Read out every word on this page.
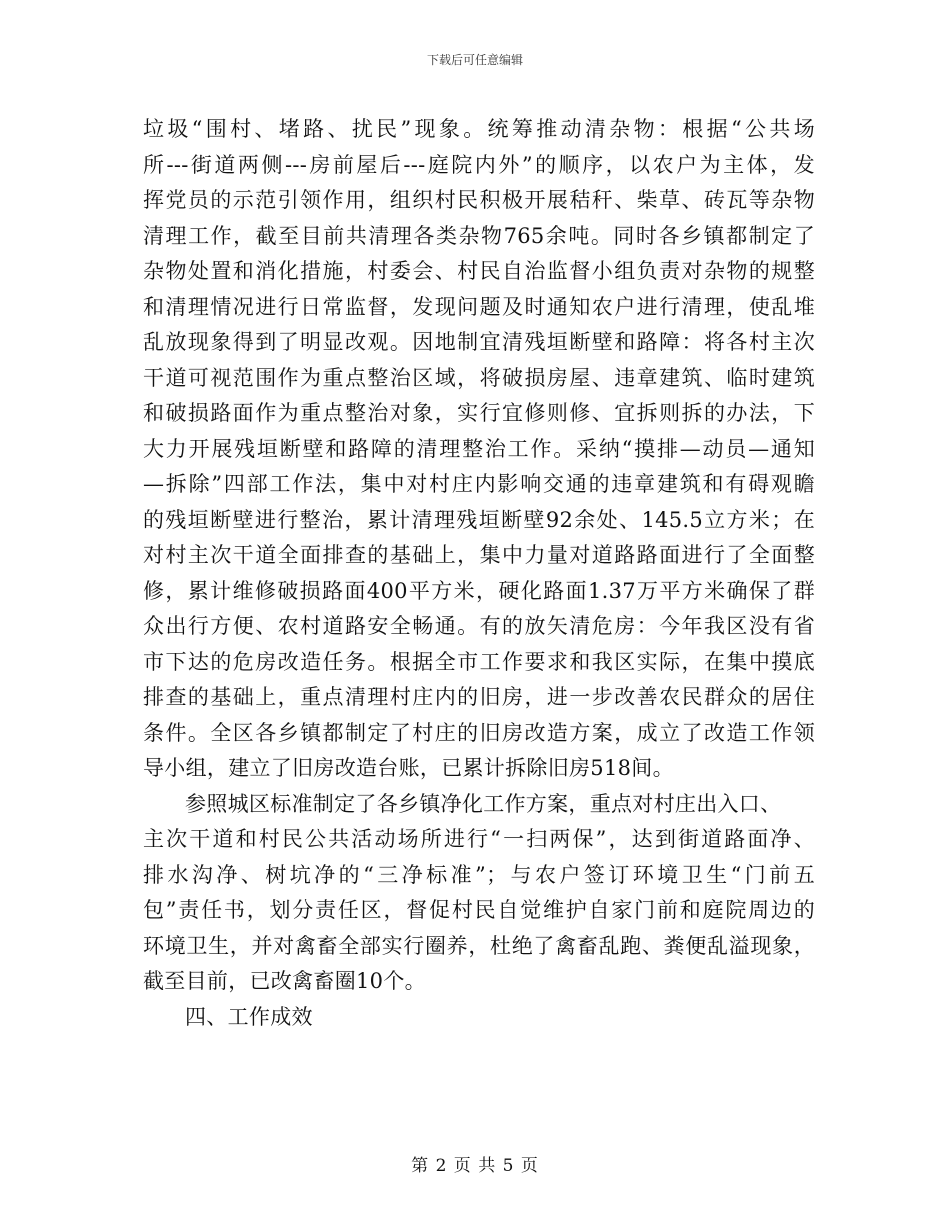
下载后可任意编辑
垃圾“围村、堵路、扰民”现象。统筹推动清杂物：根据“公共场
所---街道两侧---房前屋后---庭院内外”的顺序，以农户为主体，发
挥党员的示范引领作用，组织村民积极开展秸秆、柴草、砖瓦等杂物
清理工作，截至目前共清理各类杂物765余吨。同时各乡镇都制定了
杂物处置和消化措施，村委会、村民自治监督小组负责对杂物的规整
和清理情况进行日常监督，发现问题及时通知农户进行清理，使乱堆
乱放现象得到了明显改观。因地制宜清残垣断壁和路障：将各村主次
干道可视范围作为重点整治区域，将破损房屋、违章建筑、临时建筑
和破损路面作为重点整治对象，实行宜修则修、宜拆则拆的办法，下
大力开展残垣断壁和路障的清理整治工作。采纳“摸排—动员—通知
—拆除”四部工作法，集中对村庄内影响交通的违章建筑和有碍观瞻
的残垣断壁进行整治，累计清理残垣断壁92余处、145.5立方米；在
对村主次干道全面排查的基础上，集中力量对道路路面进行了全面整
修，累计维修破损路面400平方米，硬化路面1.37万平方米确保了群
众出行方便、农村道路安全畅通。有的放矢清危房：今年我区没有省
市下达的危房改造任务。根据全市工作要求和我区实际，在集中摸底
排查的基础上，重点清理村庄内的旧房，进一步改善农民群众的居住
条件。全区各乡镇都制定了村庄的旧房改造方案，成立了改造工作领
导小组，建立了旧房改造台账，已累计拆除旧房518间。
参照城区标准制定了各乡镇净化工作方案，重点对村庄出入口、
主次干道和村民公共活动场所进行“一扫两保”，达到街道路面净、
排水沟净、树坑净的“三净标准”；与农户签订环境卫生“门前五
包”责任书，划分责任区，督促村民自觉维护自家门前和庭院周边的
环境卫生，并对禽畜全部实行圈养，杜绝了禽畜乱跑、粪便乱溢现象，
截至目前，已改禽畜圈10个。
四、工作成效
第 2 页 共 5 页
